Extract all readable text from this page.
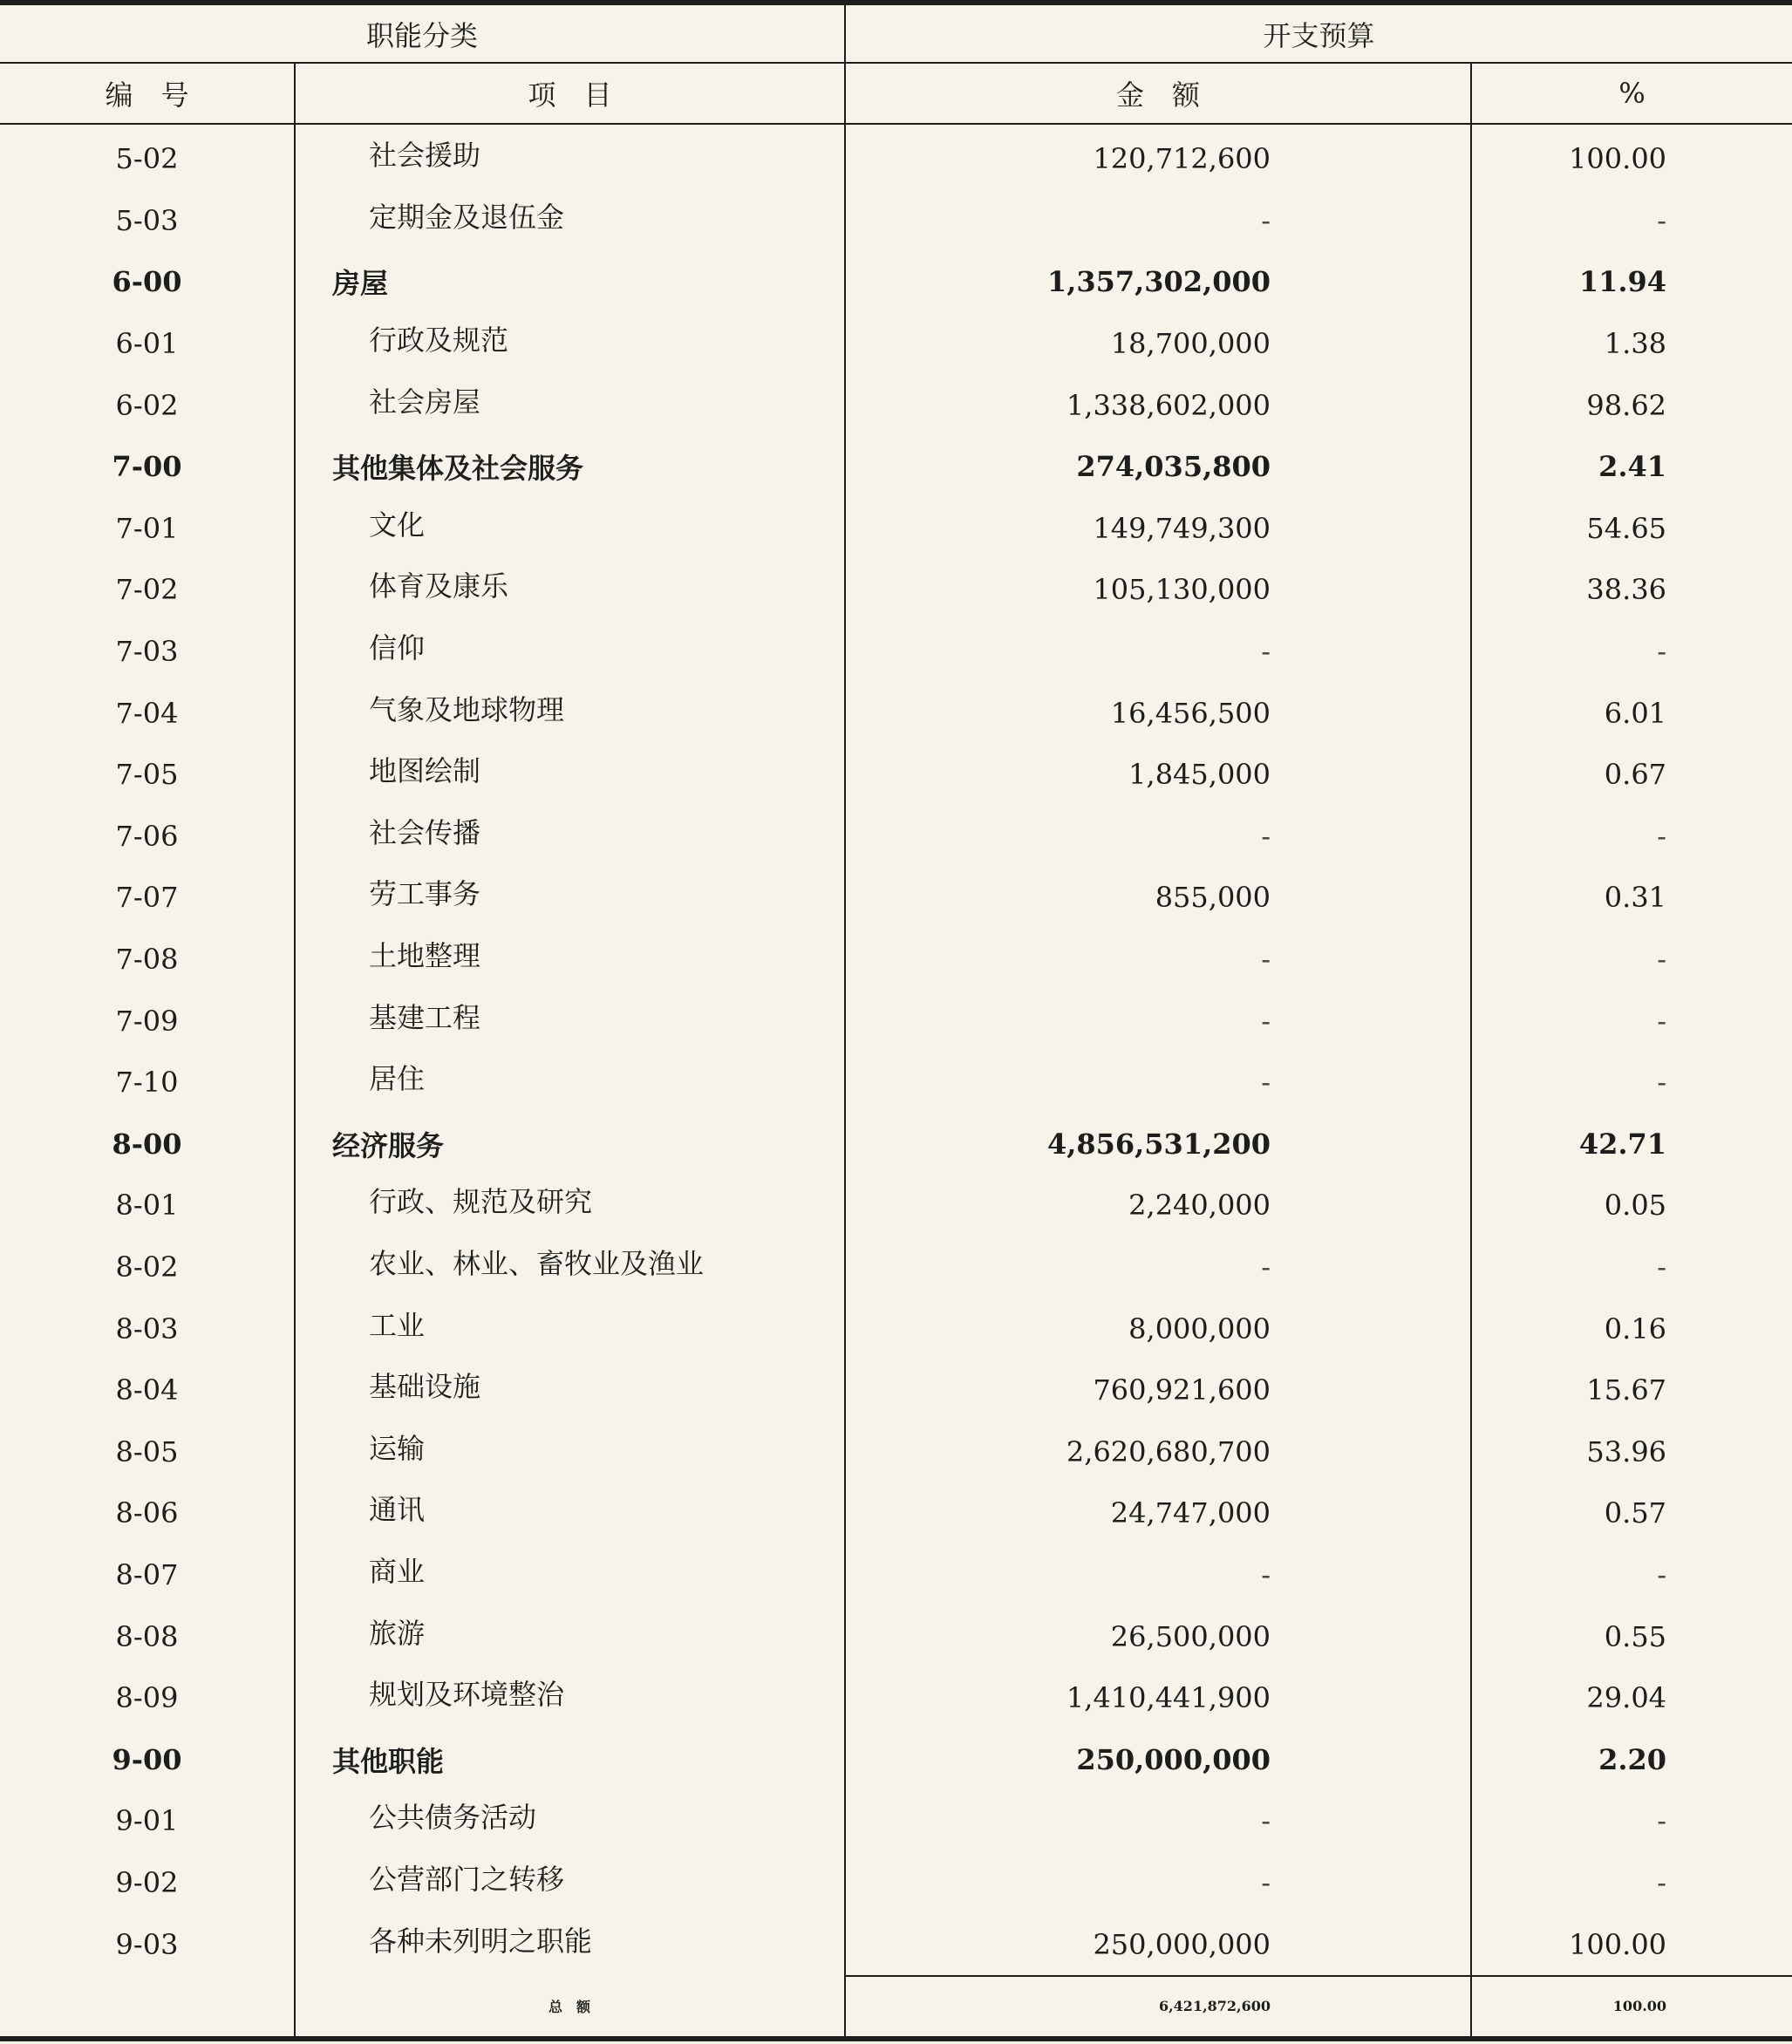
职能分类		开支预算	
编　号	项　目	金　额	%
5-02	社会援助	120,712,600	100.00
5-03	定期金及退伍金	-	-
6-00	房屋	1,357,302,000	11.94
6-01	行政及规范	18,700,000	1.38
6-02	社会房屋	1,338,602,000	98.62
7-00	其他集体及社会服务	274,035,800	2.41
7-01	文化	149,749,300	54.65
7-02	体育及康乐	105,130,000	38.36
7-03	信仰	-	-
7-04	气象及地球物理	16,456,500	6.01
7-05	地图绘制	1,845,000	0.67
7-06	社会传播	-	-
7-07	劳工事务	855,000	0.31
7-08	土地整理	-	-
7-09	基建工程	-	-
7-10	居住	-	-
8-00	经济服务	4,856,531,200	42.71
8-01	行政、规范及研究	2,240,000	0.05
8-02	农业、林业、畜牧业及渔业	-	-
8-03	工业	8,000,000	0.16
8-04	基础设施	760,921,600	15.67
8-05	运输	2,620,680,700	53.96
8-06	通讯	24,747,000	0.57
8-07	商业	-	-
8-08	旅游	26,500,000	0.55
8-09	规划及环境整治	1,410,441,900	29.04
9-00	其他职能	250,000,000	2.20
9-01	公共债务活动	-	-
9-02	公营部门之转移	-	-
9-03	各种未列明之职能	250,000,000	100.00
	总　额	6,421,872,600	100.00
